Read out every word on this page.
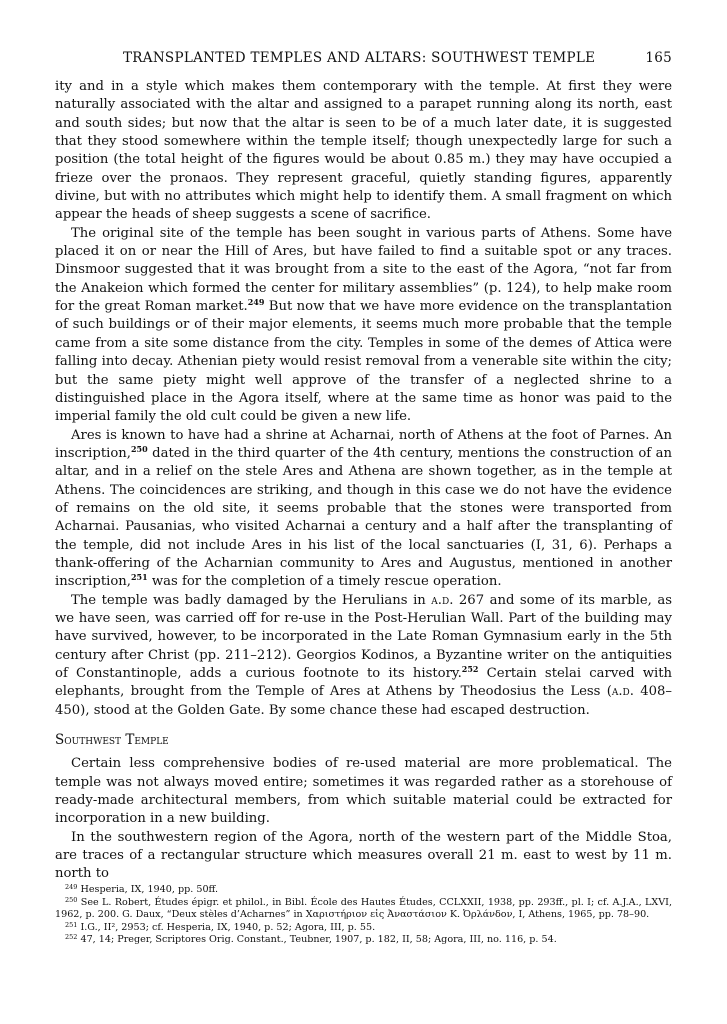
TRANSPLANTED TEMPLES AND ALTARS: SOUTHWEST TEMPLE	165

ity and in a style which makes them contemporary with the temple. At first they were naturally associated with the altar and assigned to a parapet running along its north, east and south sides; but now that the altar is seen to be of a much later date, it is suggested that they stood somewhere within the temple itself; though unexpectedly large for such a position (the total height of the figures would be about 0.85 m.) they may have occupied a frieze over the pronaos. They represent graceful, quietly standing figures, apparently divine, but with no attributes which might help to identify them. A small fragment on which appear the heads of sheep suggests a scene of sacrifice.

The original site of the temple has been sought in various parts of Athens. Some have placed it on or near the Hill of Ares, but have failed to find a suitable spot or any traces. Dinsmoor suggested that it was brought from a site to the east of the Agora, “not far from the Anakeion which formed the center for military assemblies” (p. 124), to help make room for the great Roman market.$^{249}$ But now that we have more evidence on the transplantation of such buildings or of their major elements, it seems much more probable that the temple came from a site some distance from the city. Temples in some of the demes of Attica were falling into decay. Athenian piety would resist removal from a venerable site within the city; but the same piety might well approve of the transfer of a neglected shrine to a distinguished place in the Agora itself, where at the same time as honor was paid to the imperial family the old cult could be given a new life.

Ares is known to have had a shrine at Acharnai, north of Athens at the foot of Parnes. An inscription,$^{250}$ dated in the third quarter of the 4th century, mentions the construction of an altar, and in a relief on the stele Ares and Athena are shown together, as in the temple at Athens. The coincidences are striking, and though in this case we do not have the evidence of remains on the old site, it seems probable that the stones were transported from Acharnai. Pausanias, who visited Acharnai a century and a half after the transplanting of the temple, did not include Ares in his list of the local sanctuaries (I, 31, 6). Perhaps a thank-offering of the Acharnian community to Ares and Augustus, mentioned in another inscription,$^{251}$ was for the completion of a timely rescue operation.

The temple was badly damaged by the Herulians in a.d. 267 and some of its marble, as we have seen, was carried off for re-use in the Post-Herulian Wall. Part of the building may have survived, however, to be incorporated in the Late Roman Gymnasium early in the 5th century after Christ (pp. 211–212). Georgios Kodinos, a Byzantine writer on the antiquities of Constantinople, adds a curious footnote to its history.$^{252}$ Certain stelai carved with elephants, brought from the Temple of Ares at Athens by Theodosius the Less (a.d. 408–450), stood at the Golden Gate. By some chance these had escaped destruction.

Southwest Temple

Certain less comprehensive bodies of re-used material are more problematical. The temple was not always moved entire; sometimes it was regarded rather as a storehouse of ready-made architectural members, from which suitable material could be extracted for incorporation in a new building.

In the southwestern region of the Agora, north of the western part of the Middle Stoa, are traces of a rectangular structure which measures overall 21 m. east to west by 11 m. north to

$^{249}$ Hesperia, IX, 1940, pp. 50ff.

$^{250}$ See L. Robert, Études épigr. et philol., in Bibl. École des Hautes Études, CCLXXII, 1938, pp. 293ff., pl. I; cf. A.J.A., LXVI, 1962, p. 200. G. Daux, “Deux stèles d’Acharnes” in Χαριστήριον εἰς Ἀναστάσιον Κ. Ὀρλάνδον, I, Athens, 1965, pp. 78–90.

$^{251}$ I.G., II², 2953; cf. Hesperia, IX, 1940, p. 52; Agora, III, p. 55.

$^{252}$ 47, 14; Preger, Scriptores Orig. Constant., Teubner, 1907, p. 182, II, 58; Agora, III, no. 116, p. 54.
